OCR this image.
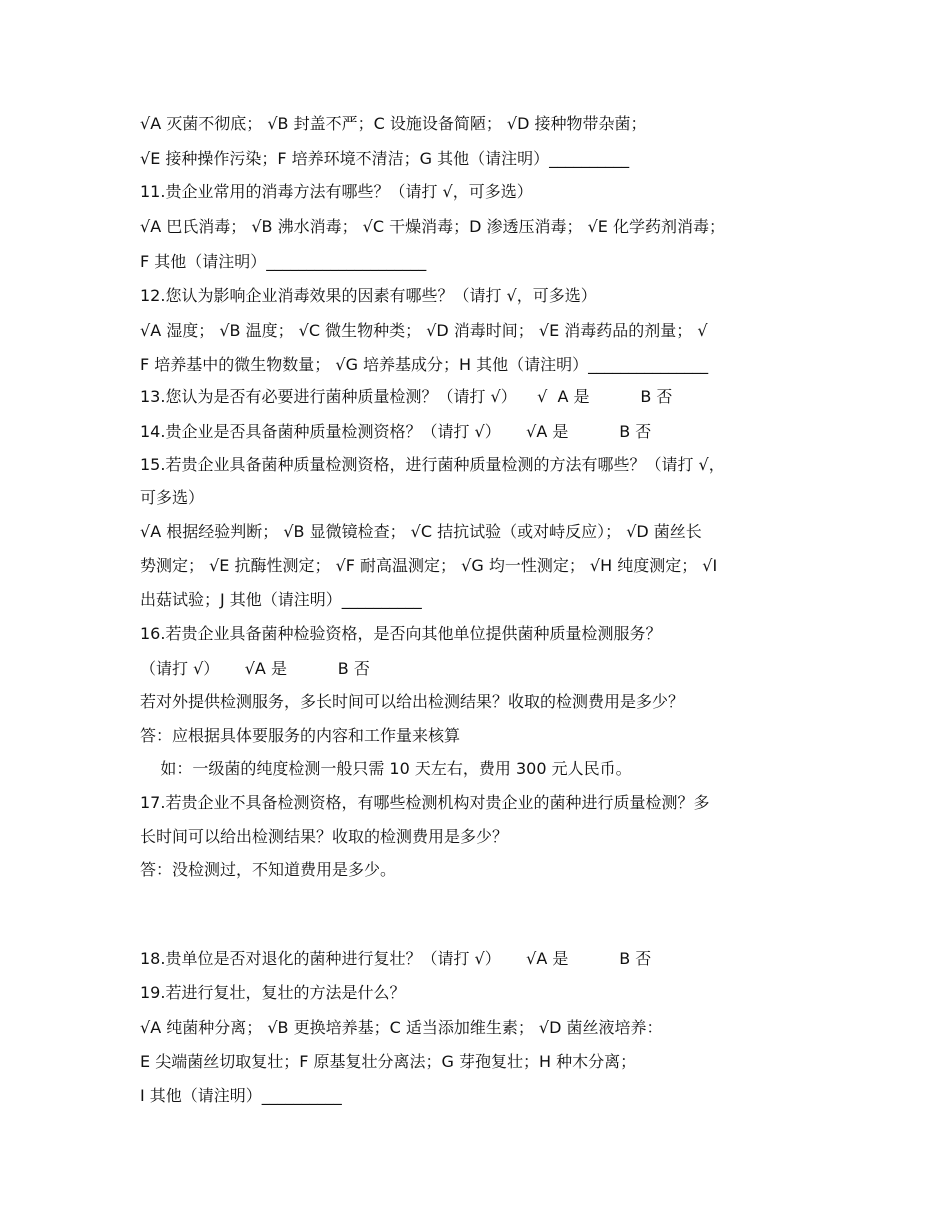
√A 灭菌不彻底； √B 封盖不严；C 设施设备简陋； √D 接种物带杂菌；
√E 接种操作污染；F 培养环境不清洁；G 其他（请注明）__________
11.贵企业常用的消毒方法有哪些？（请打 √，可多选）
√A 巴氏消毒； √B 沸水消毒； √C 干燥消毒；D 渗透压消毒； √E 化学药剂消毒；
F 其他（请注明）____________________
12.您认为影响企业消毒效果的因素有哪些？（请打 √，可多选）
√A 湿度； √B 温度； √C 微生物种类； √D 消毒时间； √E 消毒药品的剂量； √
F 培养基中的微生物数量； √G 培养基成分；H 其他（请注明）_______________
13.您认为是否有必要进行菌种质量检测？（请打 √）    √  A 是          B 否
14.贵企业是否具备菌种质量检测资格？（请打 √）     √A 是          B 否
15.若贵企业具备菌种质量检测资格，进行菌种质量检测的方法有哪些？（请打 √，
可多选）
√A 根据经验判断； √B 显微镜检查； √C 拮抗试验（或对峙反应）； √D 菌丝长
势测定； √E 抗酶性测定； √F 耐高温测定； √G 均一性测定； √H 纯度测定； √I
出菇试验；J 其他（请注明）__________
16.若贵企业具备菌种检验资格，是否向其他单位提供菌种质量检测服务？
（请打 √）     √A 是          B 否
若对外提供检测服务，多长时间可以给出检测结果？收取的检测费用是多少？
答：应根据具体要服务的内容和工作量来核算
如：一级菌的纯度检测一般只需 10 天左右，费用 300 元人民币。
17.若贵企业不具备检测资格，有哪些检测机构对贵企业的菌种进行质量检测？多
长时间可以给出检测结果？收取的检测费用是多少？
答：没检测过，不知道费用是多少。
18.贵单位是否对退化的菌种进行复壮？（请打 √）     √A 是          B 否
19.若进行复壮，复壮的方法是什么？
√A 纯菌种分离； √B 更换培养基；C 适当添加维生素； √D 菌丝液培养：
E 尖端菌丝切取复壮；F 原基复壮分离法；G 芽孢复壮；H 种木分离；
I 其他（请注明）__________
